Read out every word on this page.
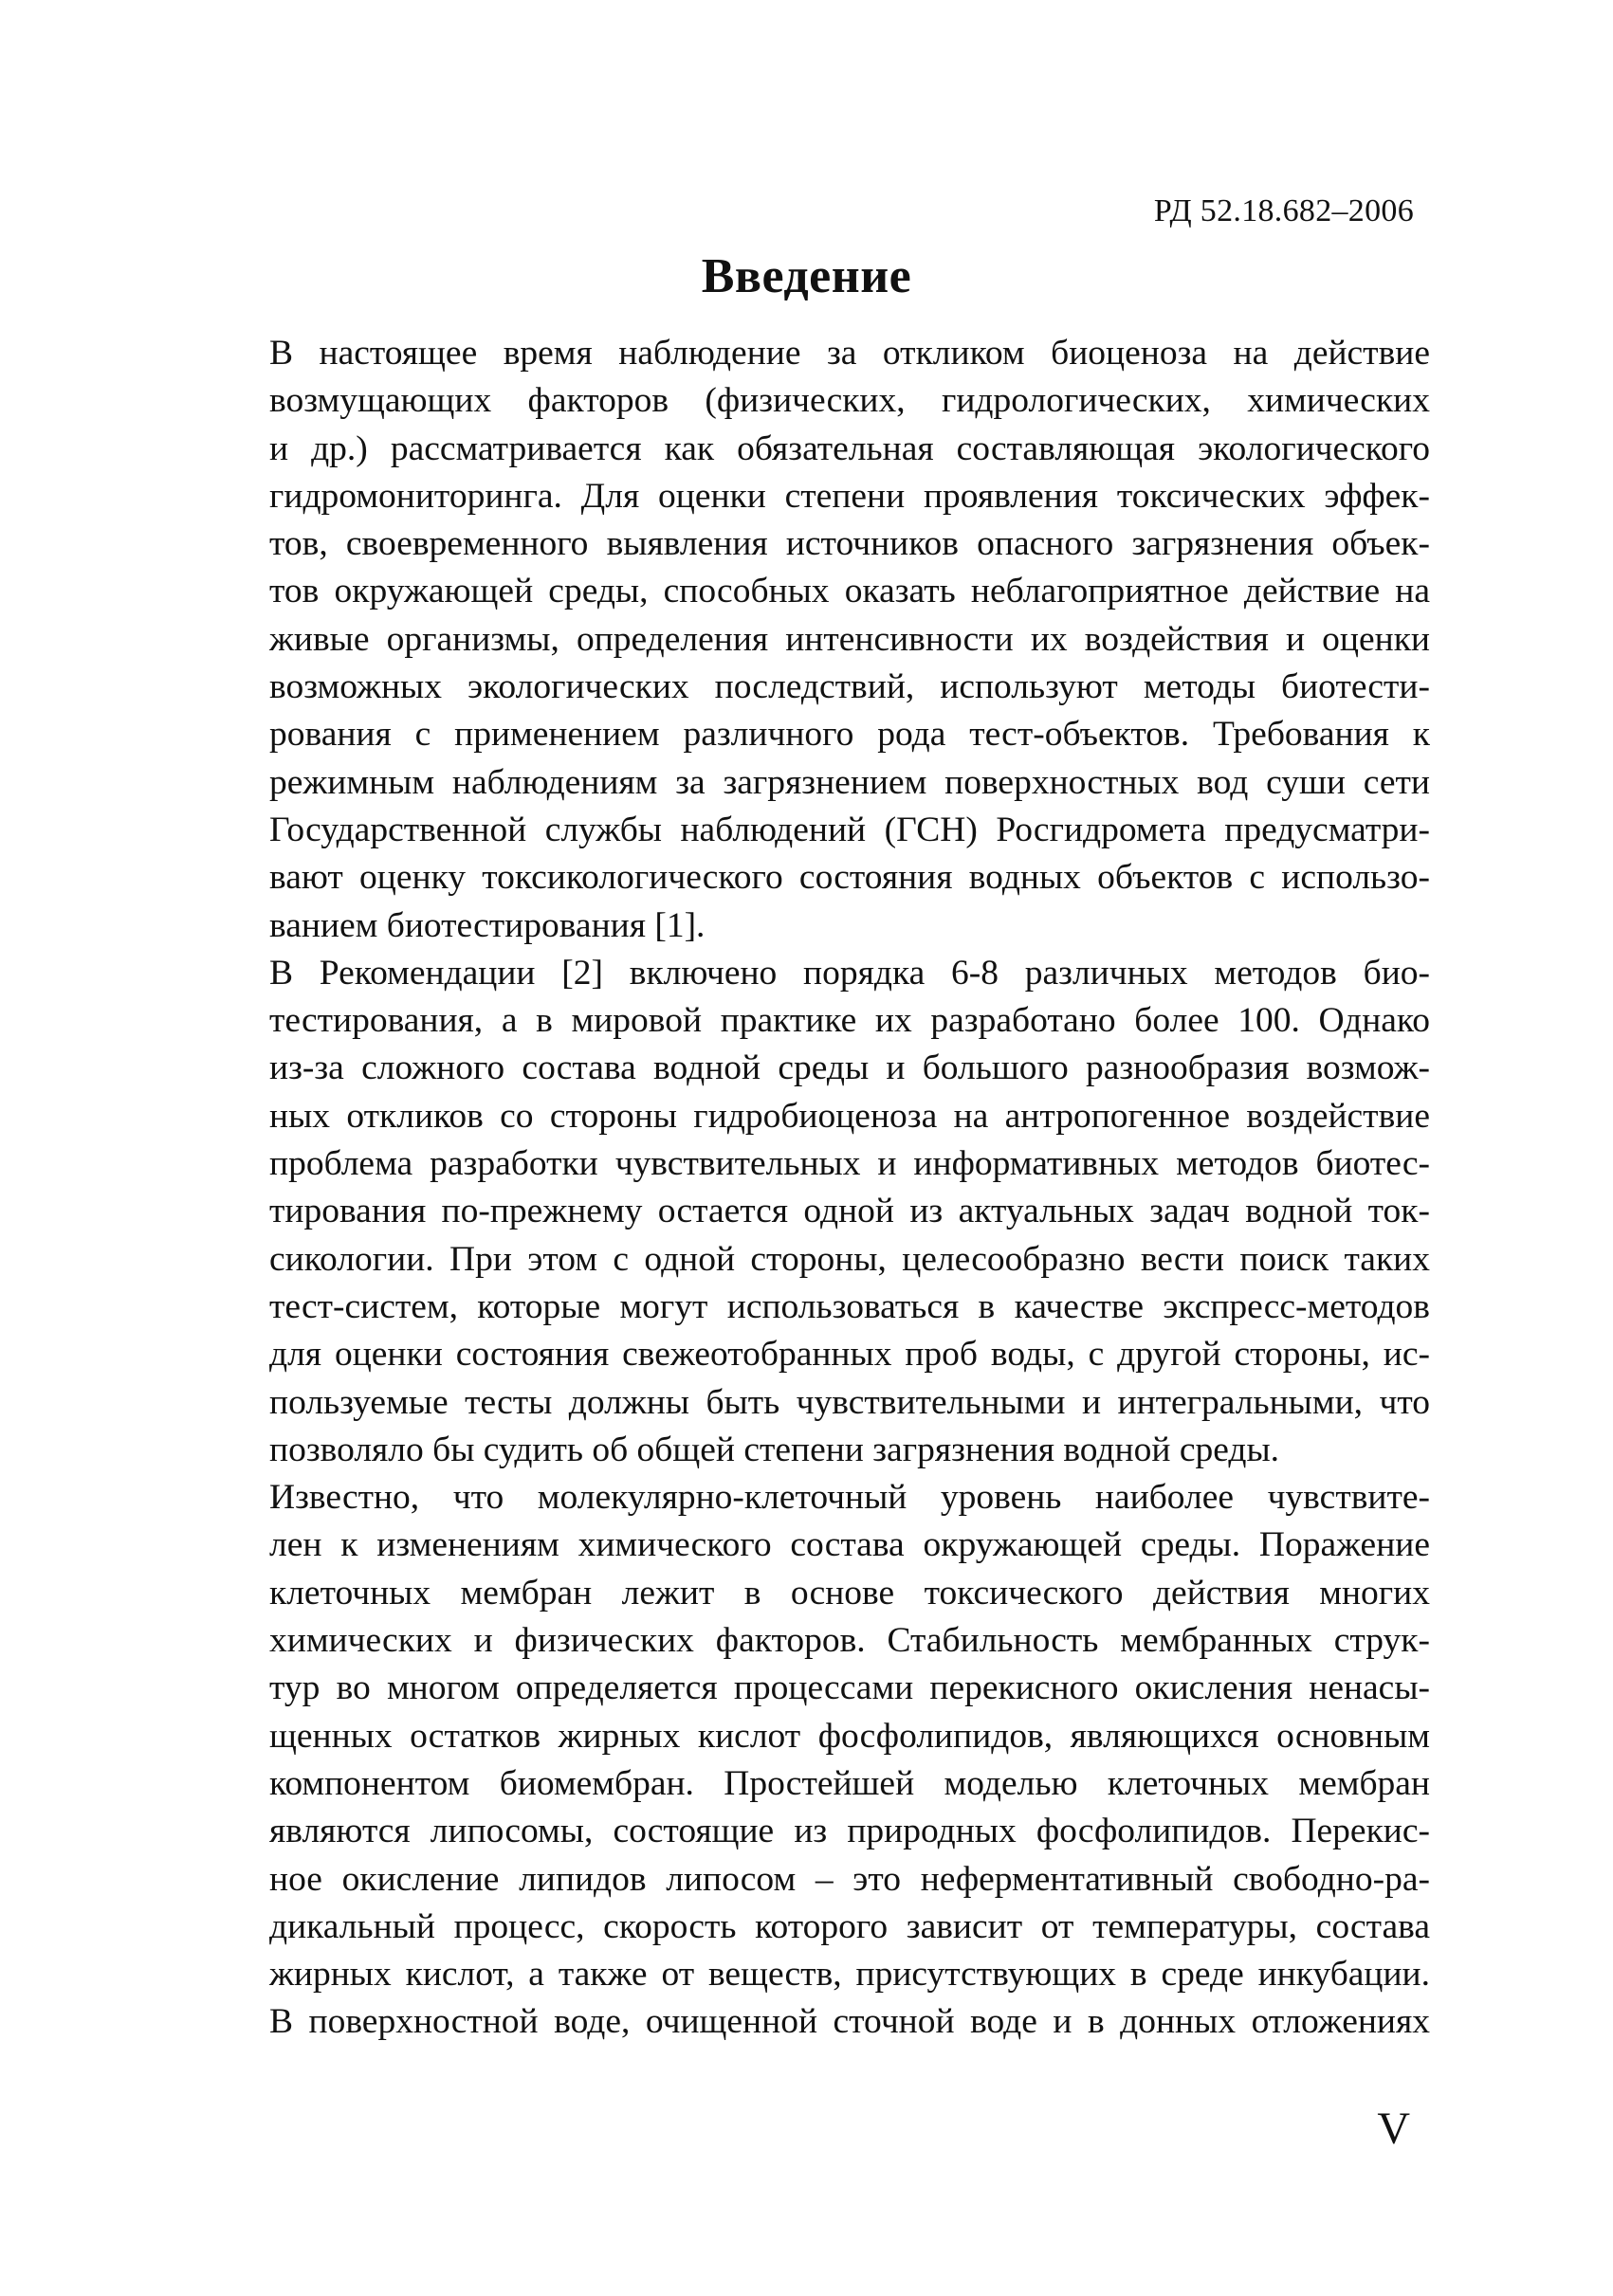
РД 52.18.682–2006
Введение

В настоящее время наблюдение за откликом биоценоза на действие
возмущающих факторов (физических, гидрологических, химических
и др.) рассматривается как обязательная составляющая экологического
гидромониторинга. Для оценки степени проявления токсических эффек-
тов, своевременного выявления источников опасного загрязнения объек-
тов окружающей среды, способных оказать неблагоприятное действие на
живые организмы, определения интенсивности их воздействия и оценки
возможных экологических последствий, используют методы биотести-
рования с применением различного рода тест-объектов. Требования к
режимным наблюдениям за загрязнением поверхностных вод суши сети
Государственной службы наблюдений (ГСН) Росгидромета предусматри-
вают оценку токсикологического состояния водных объектов с использо-
ванием биотестирования [1].

В Рекомендации [2] включено порядка 6-8 различных методов био-
тестирования, а в мировой практике их разработано более 100. Однако
из-за сложного состава водной среды и большого разнообразия возмож-
ных откликов со стороны гидробиоценоза на антропогенное воздействие
проблема разработки чувствительных и информативных методов биотес-
тирования по-прежнему остается одной из актуальных задач водной ток-
сикологии. При этом с одной стороны, целесообразно вести поиск таких
тест-систем, которые могут использоваться в качестве экспресс-методов
для оценки состояния свежеотобранных проб воды, с другой стороны, ис-
пользуемые тесты должны быть чувствительными и интегральными, что
позволяло бы судить об общей степени загрязнения водной среды.

Известно, что молекулярно-клеточный уровень наиболее чувствите-
лен к изменениям химического состава окружающей среды. Поражение
клеточных мембран лежит в основе токсического действия многих
химических и физических факторов. Стабильность мембранных струк-
тур во многом определяется процессами перекисного окисления ненасы-
щенных остатков жирных кислот фосфолипидов, являющихся основным
компонентом биомембран. Простейшей моделью клеточных мембран
являются липосомы, состоящие из природных фосфолипидов. Перекис-
ное окисление липидов липосом – это неферментативный свободно-ра-
дикальный процесс, скорость которого зависит от температуры, состава
жирных кислот, а также от веществ, присутствующих в среде инкубации.
В поверхностной воде, очищенной сточной воде и в донных отложениях

V
